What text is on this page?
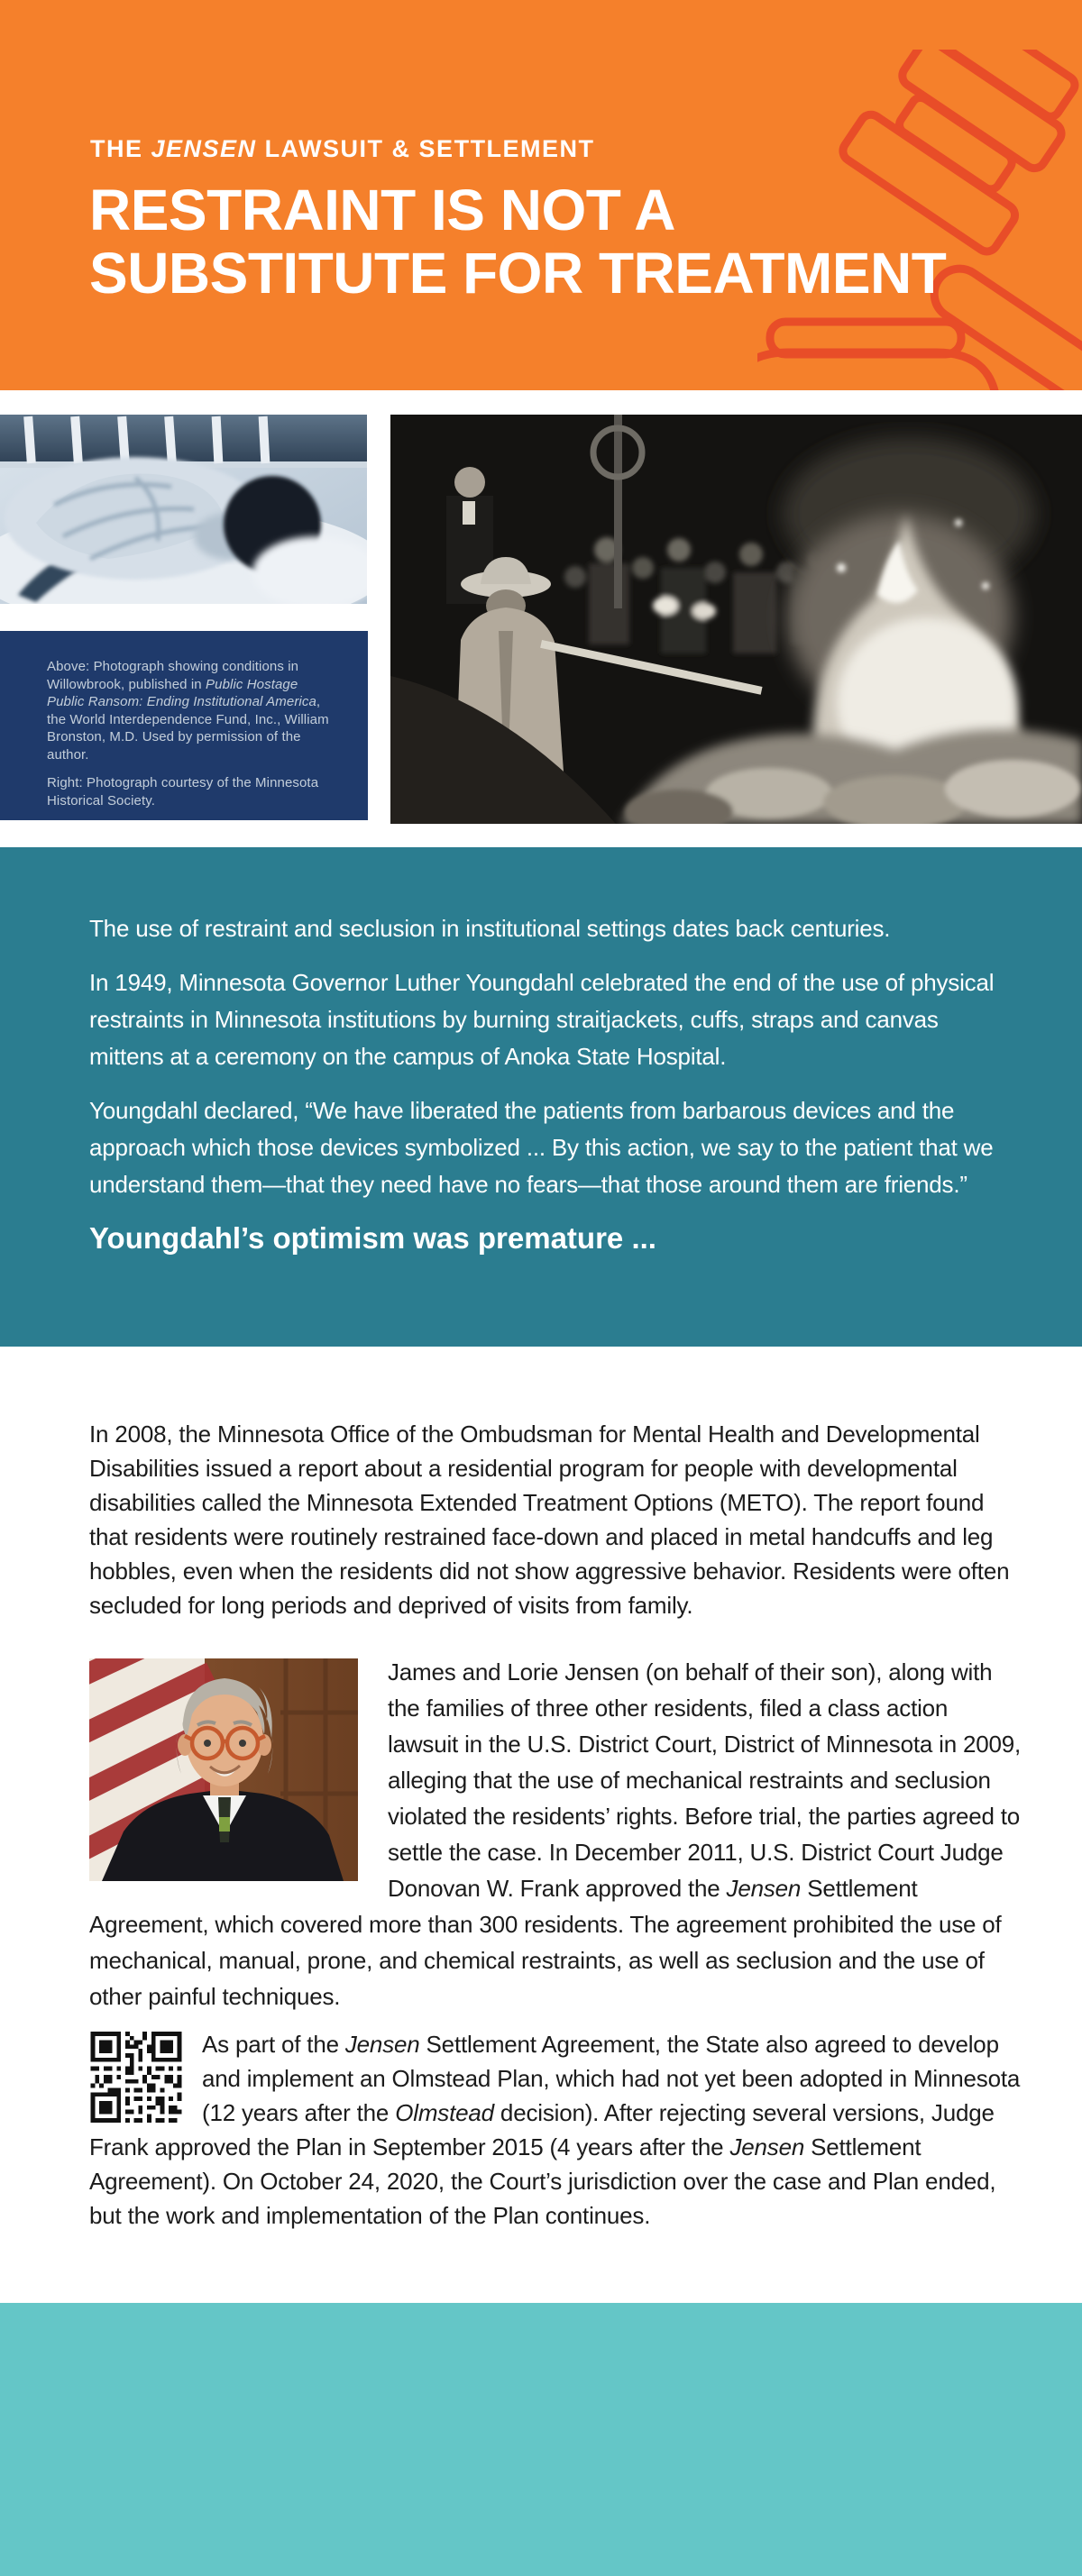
THE JENSEN LAWSUIT & SETTLEMENT

RESTRAINT IS NOT A
SUBSTITUTE FOR TREATMENT

Above: Photograph showing conditions in Willowbrook, published in Public Hostage Public Ransom: Ending Institutional America, the World Interdependence Fund, Inc., William Bronston, M.D. Used by permission of the author.

Right: Photograph courtesy of the Minnesota Historical Society.

The use of restraint and seclusion in institutional settings dates back centuries.

In 1949, Minnesota Governor Luther Youngdahl celebrated the end of the use of physical restraints in Minnesota institutions by burning straitjackets, cuffs, straps and canvas mittens at a ceremony on the campus of Anoka State Hospital.

Youngdahl declared, “We have liberated the patients from barbarous devices and the approach which those devices symbolized ... By this action, we say to the patient that we understand them—that they need have no fears—that those around them are friends.”

Youngdahl’s optimism was premature ...

In 2008, the Minnesota Office of the Ombudsman for Mental Health and Developmental Disabilities issued a report about a residential program for people with developmental disabilities called the Minnesota Extended Treatment Options (METO). The report found that residents were routinely restrained face-down and placed in metal handcuffs and leg hobbles, even when the residents did not show aggressive behavior. Residents were often secluded for long periods and deprived of visits from family.

James and Lorie Jensen (on behalf of their son), along with the families of three other residents, filed a class action lawsuit in the U.S. District Court, District of Minnesota in 2009, alleging that the use of mechanical restraints and seclusion violated the residents’ rights. Before trial, the parties agreed to settle the case. In December 2011, U.S. District Court Judge Donovan W. Frank approved the Jensen Settlement Agreement, which covered more than 300 residents. The agreement prohibited the use of mechanical, manual, prone, and chemical restraints, as well as seclusion and the use of other painful techniques.
As part of the Jensen Settlement Agreement, the State also agreed to develop and implement an Olmstead Plan, which had not yet been adopted in Minnesota (12 years after the Olmstead decision). After rejecting several versions, Judge Frank approved the Plan in September 2015 (4 years after the Jensen Settlement Agreement). On October 24, 2020, the Court’s jurisdiction over the case and Plan ended, but the work and implementation of the Plan continues.
